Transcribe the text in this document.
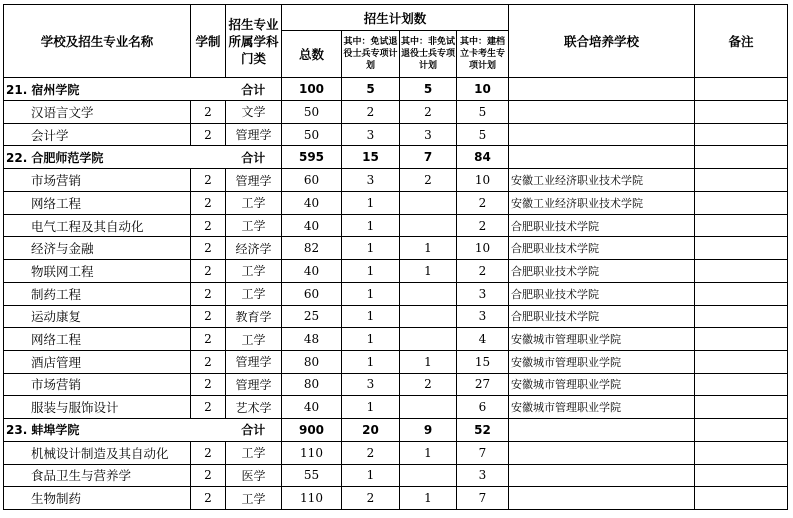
学校及招生专业名称	学制	招生专业所属学科门类	招生计划数				联合培养学校	备注
			总数	其中：免试退役士兵专项计划	其中：非免试退役士兵专项计划	其中：建档立卡考生专项计划		
21. 宿州学院		合计	100	5	5	10		
汉语言文学	2	文学	50	2	2	5		
会计学	2	管理学	50	3	3	5		
22. 合肥师范学院		合计	595	15	7	84		
市场营销	2	管理学	60	3	2	10	安徽工业经济职业技术学院	
网络工程	2	工学	40	1		2	安徽工业经济职业技术学院	
电气工程及其自动化	2	工学	40	1		2	合肥职业技术学院	
经济与金融	2	经济学	82	1	1	10	合肥职业技术学院	
物联网工程	2	工学	40	1	1	2	合肥职业技术学院	
制药工程	2	工学	60	1		3	合肥职业技术学院	
运动康复	2	教育学	25	1		3	合肥职业技术学院	
网络工程	2	工学	48	1		4	安徽城市管理职业学院	
酒店管理	2	管理学	80	1	1	15	安徽城市管理职业学院	
市场营销	2	管理学	80	3	2	27	安徽城市管理职业学院	
服装与服饰设计	2	艺术学	40	1		6	安徽城市管理职业学院	
23. 蚌埠学院		合计	900	20	9	52		
机械设计制造及其自动化	2	工学	110	2	1	7		
食品卫生与营养学	2	医学	55	1		3		
生物制药	2	工学	110	2	1	7		
